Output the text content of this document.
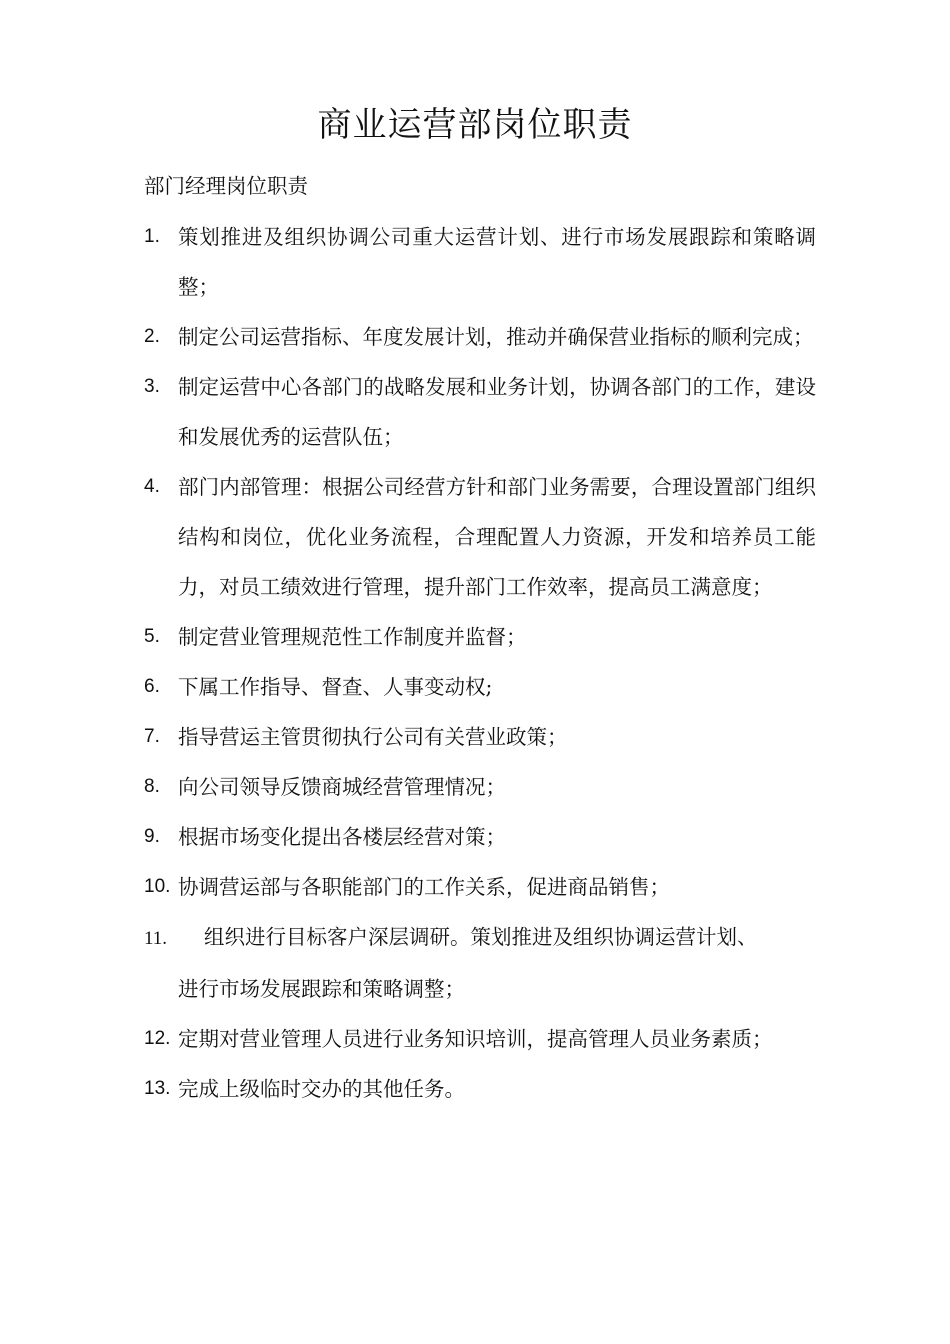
商业运营部岗位职责
部门经理岗位职责
1. 策划推进及组织协调公司重大运营计划、进行市场发展跟踪和策略调整；
2. 制定公司运营指标、年度发展计划，推动并确保营业指标的顺利完成；
3. 制定运营中心各部门的战略发展和业务计划，协调各部门的工作，建设和发展优秀的运营队伍；
4. 部门内部管理：根据公司经营方针和部门业务需要，合理设置部门组织结构和岗位，优化业务流程，合理配置人力资源，开发和培养员工能力，对员工绩效进行管理，提升部门工作效率，提高员工满意度；
5. 制定营业管理规范性工作制度并监督；
6. 下属工作指导、督查、人事变动权;
7. 指导营运主管贯彻执行公司有关营业政策；
8. 向公司领导反馈商城经营管理情况；
9. 根据市场变化提出各楼层经营对策；
10. 协调营运部与各职能部门的工作关系，促进商品销售；
11. 组织进行目标客户深层调研。策划推进及组织协调运营计划、
进行市场发展跟踪和策略调整；
12. 定期对营业管理人员进行业务知识培训，提高管理人员业务素质；
13. 完成上级临时交办的其他任务。
